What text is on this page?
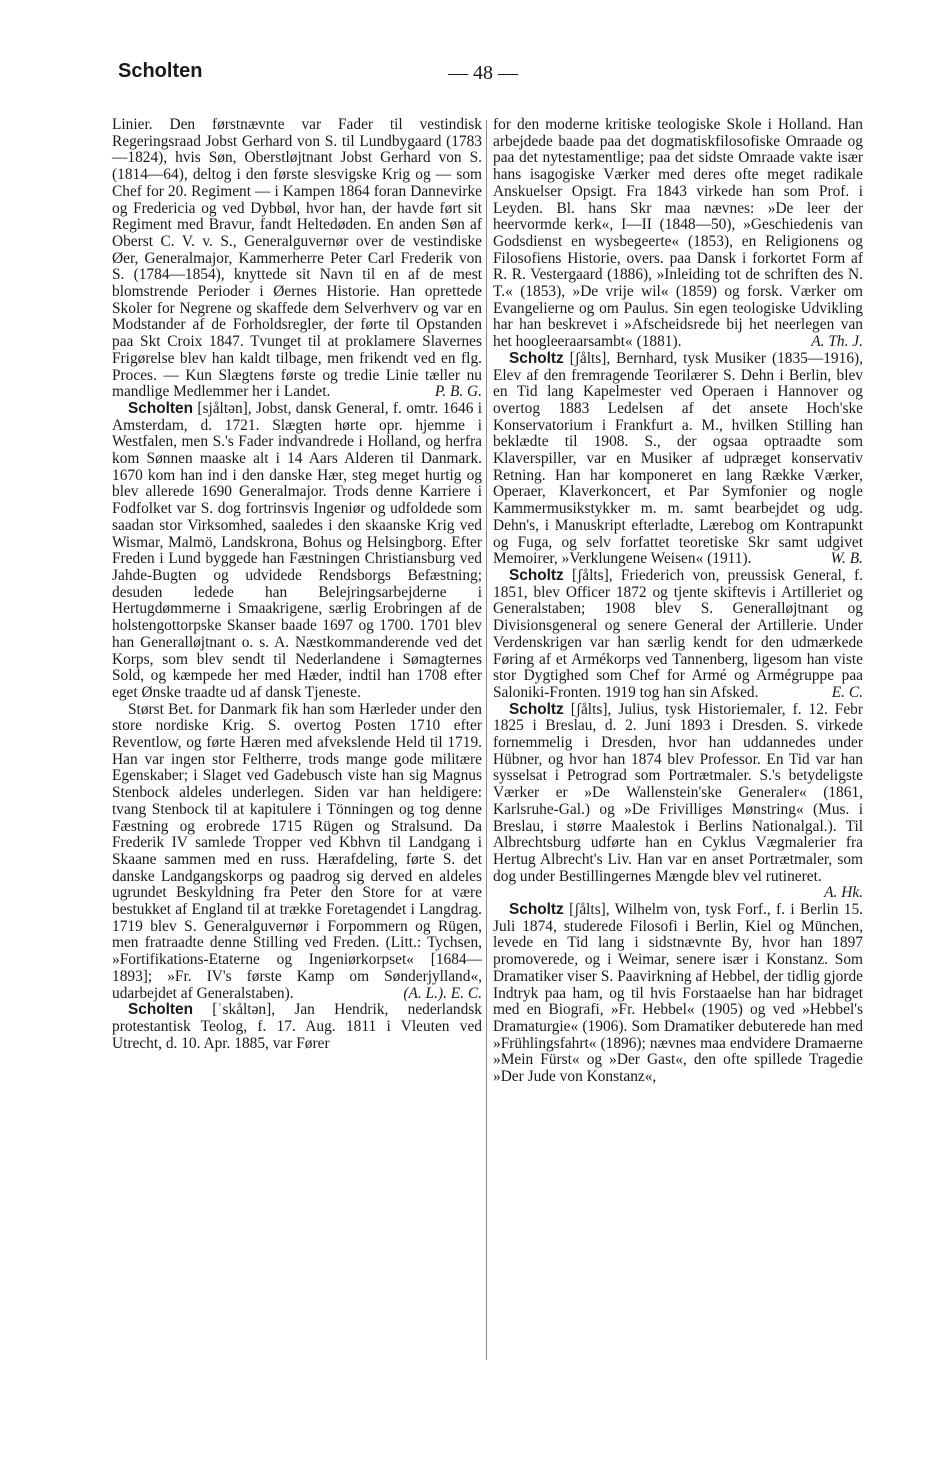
Scholten	— 48 —

Linier. Den førstnævnte var Fader til vestindisk Regeringsraad Jobst Gerhard von S. til Lundbygaard (1783—1824), hvis Søn, Oberstløjtnant Jobst Gerhard von S. (1814—64), deltog i den første slesvigske Krig og — som Chef for 20. Regiment — i Kampen 1864 foran Dannevirke og Fredericia og ved Dybbøl, hvor han, der havde ført sit Regiment med Bravur, fandt Heltedøden. En anden Søn af Oberst C. V. v. S., Generalguvernør over de vestindiske Øer, Generalmajor, Kammerherre Peter Carl Frederik von S. (1784—1854), knyttede sit Navn til en af de mest blomstrende Perioder i Øernes Historie. Han oprettede Skoler for Negrene og skaffede dem Selverhverv og var en Modstander af de Forholdsregler, der førte til Opstanden paa Skt Croix 1847. Tvunget til at proklamere Slavernes Frigørelse blev han kaldt tilbage, men frikendt ved en flg. Proces. — Kun Slægtens første og tredie Linie tæller nu mandlige Medlemmer her i Landet.	P. B. G.

Scholten [sjåltən], Jobst, dansk General, f. omtr. 1646 i Amsterdam, d. 1721. Slægten hørte opr. hjemme i Westfalen, men S.'s Fader indvandrede i Holland, og herfra kom Sønnen maaske alt i 14 Aars Alderen til Danmark. 1670 kom han ind i den danske Hær, steg meget hurtig og blev allerede 1690 Generalmajor. Trods denne Karriere i Fodfolket var S. dog fortrinsvis Ingeniør og udfoldede som saadan stor Virksomhed, saaledes i den skaanske Krig ved Wismar, Malmö, Landskrona, Bohus og Helsingborg. Efter Freden i Lund byggede han Fæstningen Christiansburg ved Jahde-Bugten og udvidede Rendsborgs Befæstning; desuden ledede han Belejringsarbejderne i Hertugdømmerne i Smaakrigene, særlig Erobringen af de holstengottorpske Skanser baade 1697 og 1700. 1701 blev han Generalløjtnant o. s. A. Næstkommanderende ved det Korps, som blev sendt til Nederlandene i Sømagternes Sold, og kæmpede her med Hæder, indtil han 1708 efter eget Ønske traadte ud af dansk Tjeneste.

Størst Bet. for Danmark fik han som Hærleder under den store nordiske Krig. S. overtog Posten 1710 efter Reventlow, og førte Hæren med afvekslende Held til 1719. Han var ingen stor Feltherre, trods mange gode militære Egenskaber; i Slaget ved Gadebusch viste han sig Magnus Stenbock aldeles underlegen. Siden var han heldigere: tvang Stenbock til at kapitulere i Tönningen og tog denne Fæstning og erobrede 1715 Rügen og Stralsund. Da Frederik IV samlede Tropper ved Kbhvn til Landgang i Skaane sammen med en russ. Hærafdeling, førte S. det danske Landgangskorps og paadrog sig derved en aldeles ugrundet Beskyldning fra Peter den Store for at være bestukket af England til at trække Foretagendet i Langdrag. 1719 blev S. Generalguvernør i Forpommern og Rügen, men fratraadte denne Stilling ved Freden. (Litt.: Tychsen, »Fortifikations-Etaterne og Ingeniørkorpset« [1684—1893]; »Fr. IV's første Kamp om Sønderjylland«, udarbejdet af Generalstaben).	(A. L.). E. C.

Scholten [ˈskåltən], Jan Hendrik, nederlandsk protestantisk Teolog, f. 17. Aug. 1811 i Vleuten ved Utrecht, d. 10. Apr. 1885, var Fører

for den moderne kritiske teologiske Skole i Holland. Han arbejdede baade paa det dogmatiskfilosofiske Omraade og paa det nytestamentlige; paa det sidste Omraade vakte især hans isagogiske Værker med deres ofte meget radikale Anskuelser Opsigt. Fra 1843 virkede han som Prof. i Leyden. Bl. hans Skr maa nævnes: »De leer der heervormde kerk«, I—II (1848—50), »Geschiedenis van Godsdienst en wysbegeerte« (1853), en Religionens og Filosofiens Historie, overs. paa Dansk i forkortet Form af R. R. Vestergaard (1886), »Inleiding tot de schriften des N. T.« (1853), »De vrije wil« (1859) og forsk. Værker om Evangelierne og om Paulus. Sin egen teologiske Udvikling har han beskrevet i »Afscheidsrede bij het neerlegen van het hoogleeraarsambt« (1881).	A. Th. J.

Scholtz [ʃålts], Bernhard, tysk Musiker (1835—1916), Elev af den fremragende Teorilærer S. Dehn i Berlin, blev en Tid lang Kapelmester ved Operaen i Hannover og overtog 1883 Ledelsen af det ansete Hoch'ske Konservatorium i Frankfurt a. M., hvilken Stilling han beklædte til 1908. S., der ogsaa optraadte som Klaverspiller, var en Musiker af udpræget konservativ Retning. Han har komponeret en lang Række Værker, Operaer, Klaverkoncert, et Par Symfonier og nogle Kammermusikstykker m. m. samt bearbejdet og udg. Dehn's, i Manuskript efterladte, Lærebog om Kontrapunkt og Fuga, og selv forfattet teoretiske Skr samt udgivet Memoirer, »Verklungene Weisen« (1911).	W. B.

Scholtz [ʃålts], Friederich von, preussisk General, f. 1851, blev Officer 1872 og tjente skiftevis i Artilleriet og Generalstaben; 1908 blev S. Generalløjtnant og Divisionsgeneral og senere General der Artillerie. Under Verdenskrigen var han særlig kendt for den udmærkede Føring af et Armékorps ved Tannenberg, ligesom han viste stor Dygtighed som Chef for Armé og Armégruppe paa Saloniki-Fronten. 1919 tog han sin Afsked.	E. C.

Scholtz [ʃålts], Julius, tysk Historiemaler, f. 12. Febr 1825 i Breslau, d. 2. Juni 1893 i Dresden. S. virkede fornemmelig i Dresden, hvor han uddannedes under Hübner, og hvor han 1874 blev Professor. En Tid var han sysselsat i Petrograd som Portrætmaler. S.'s betydeligste Værker er »De Wallenstein'ske Generaler« (1861, Karlsruhe-Gal.) og »De Frivilliges Mønstring« (Mus. i Breslau, i større Maalestok i Berlins Nationalgal.). Til Albrechtsburg udførte han en Cyklus Vægmalerier fra Hertug Albrecht's Liv. Han var en anset Portrætmaler, som dog under Bestillingernes Mængde blev vel rutineret.
A. Hk.

Scholtz [ʃålts], Wilhelm von, tysk Forf., f. i Berlin 15. Juli 1874, studerede Filosofi i Berlin, Kiel og München, levede en Tid lang i sidstnævnte By, hvor han 1897 promoverede, og i Weimar, senere især i Konstanz. Som Dramatiker viser S. Paavirkning af Hebbel, der tidlig gjorde Indtryk paa ham, og til hvis Forstaaelse han har bidraget med en Biografi, »Fr. Hebbel« (1905) og ved »Hebbel's Dramaturgie« (1906). Som Dramatiker debuterede han med »Frühlingsfahrt« (1896); nævnes maa endvidere Dramaerne »Mein Fürst« og »Der Gast«, den ofte spillede Tragedie »Der Jude von Konstanz«,
